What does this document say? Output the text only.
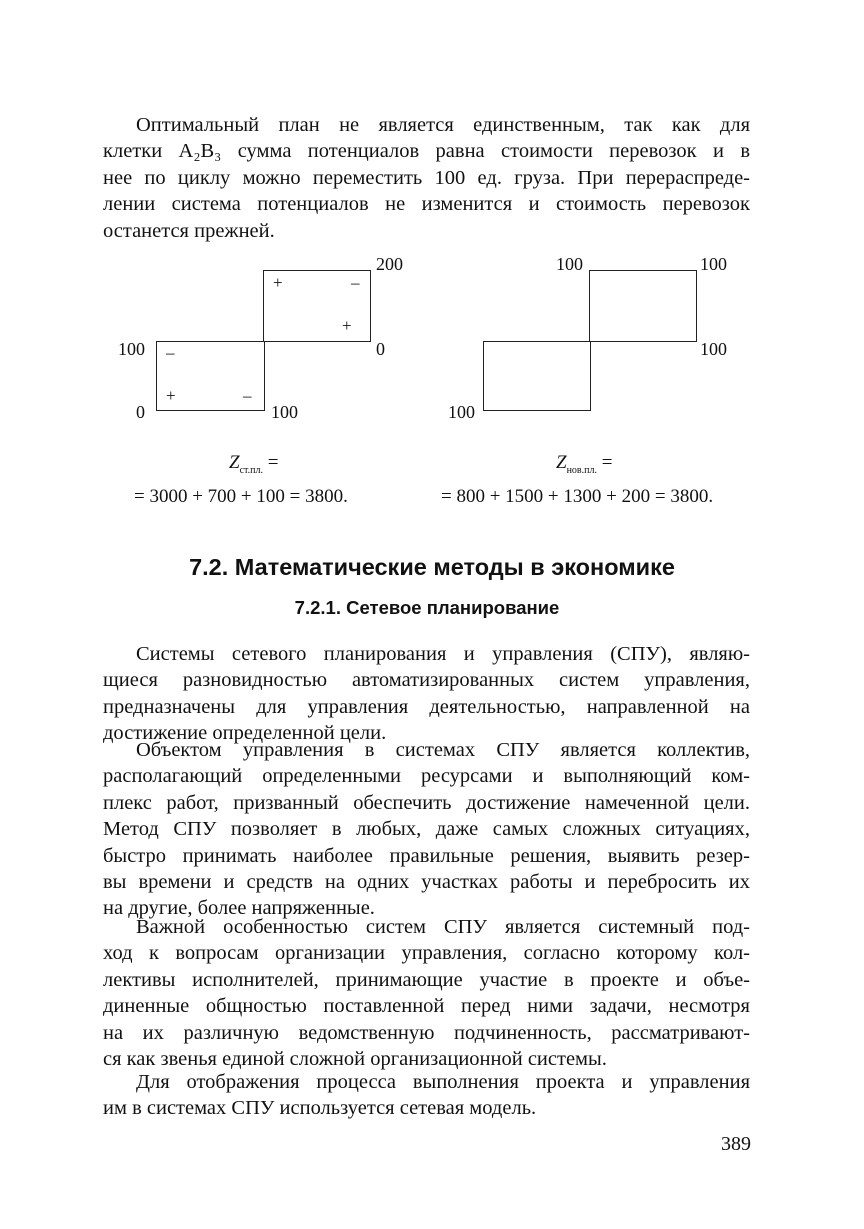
Оптимальный план не является единственным, так как для
клетки A₂B₃ сумма потенциалов равна стоимости перевозок и в
нее по циклу можно переместить 100 ед. груза. При перераспреде-
лении система потенциалов не изменится и стоимость перевозок
останется прежней.
200
100	0
0	100
+	–
+
–
+	–
$Z_{ст.пл.}$ =
= 3000 + 700 + 100 = 3800.
100	100
100
100
$Z_{нов.пл.}$ =
= 800 + 1500 + 1300 + 200 = 3800.
7.2. Математические методы в экономике
7.2.1. Сетевое планирование
Системы сетевого планирования и управления (СПУ), являю-
щиеся разновидностью автоматизированных систем управления,
предназначены для управления деятельностью, направленной на
достижение определенной цели.
Объектом управления в системах СПУ является коллектив,
располагающий определенными ресурсами и выполняющий ком-
плекс работ, призванный обеспечить достижение намеченной цели.
Метод СПУ позволяет в любых, даже самых сложных ситуациях,
быстро принимать наиболее правильные решения, выявить резер-
вы времени и средств на одних участках работы и перебросить их
на другие, более напряженные.
Важной особенностью систем СПУ является системный под-
ход к вопросам организации управления, согласно которому кол-
лективы исполнителей, принимающие участие в проекте и объе-
диненные общностью поставленной перед ними задачи, несмотря
на их различную ведомственную подчиненность, рассматривают-
ся как звенья единой сложной организационной системы.
Для отображения процесса выполнения проекта и управления
им в системах СПУ используется сетевая модель.
389
